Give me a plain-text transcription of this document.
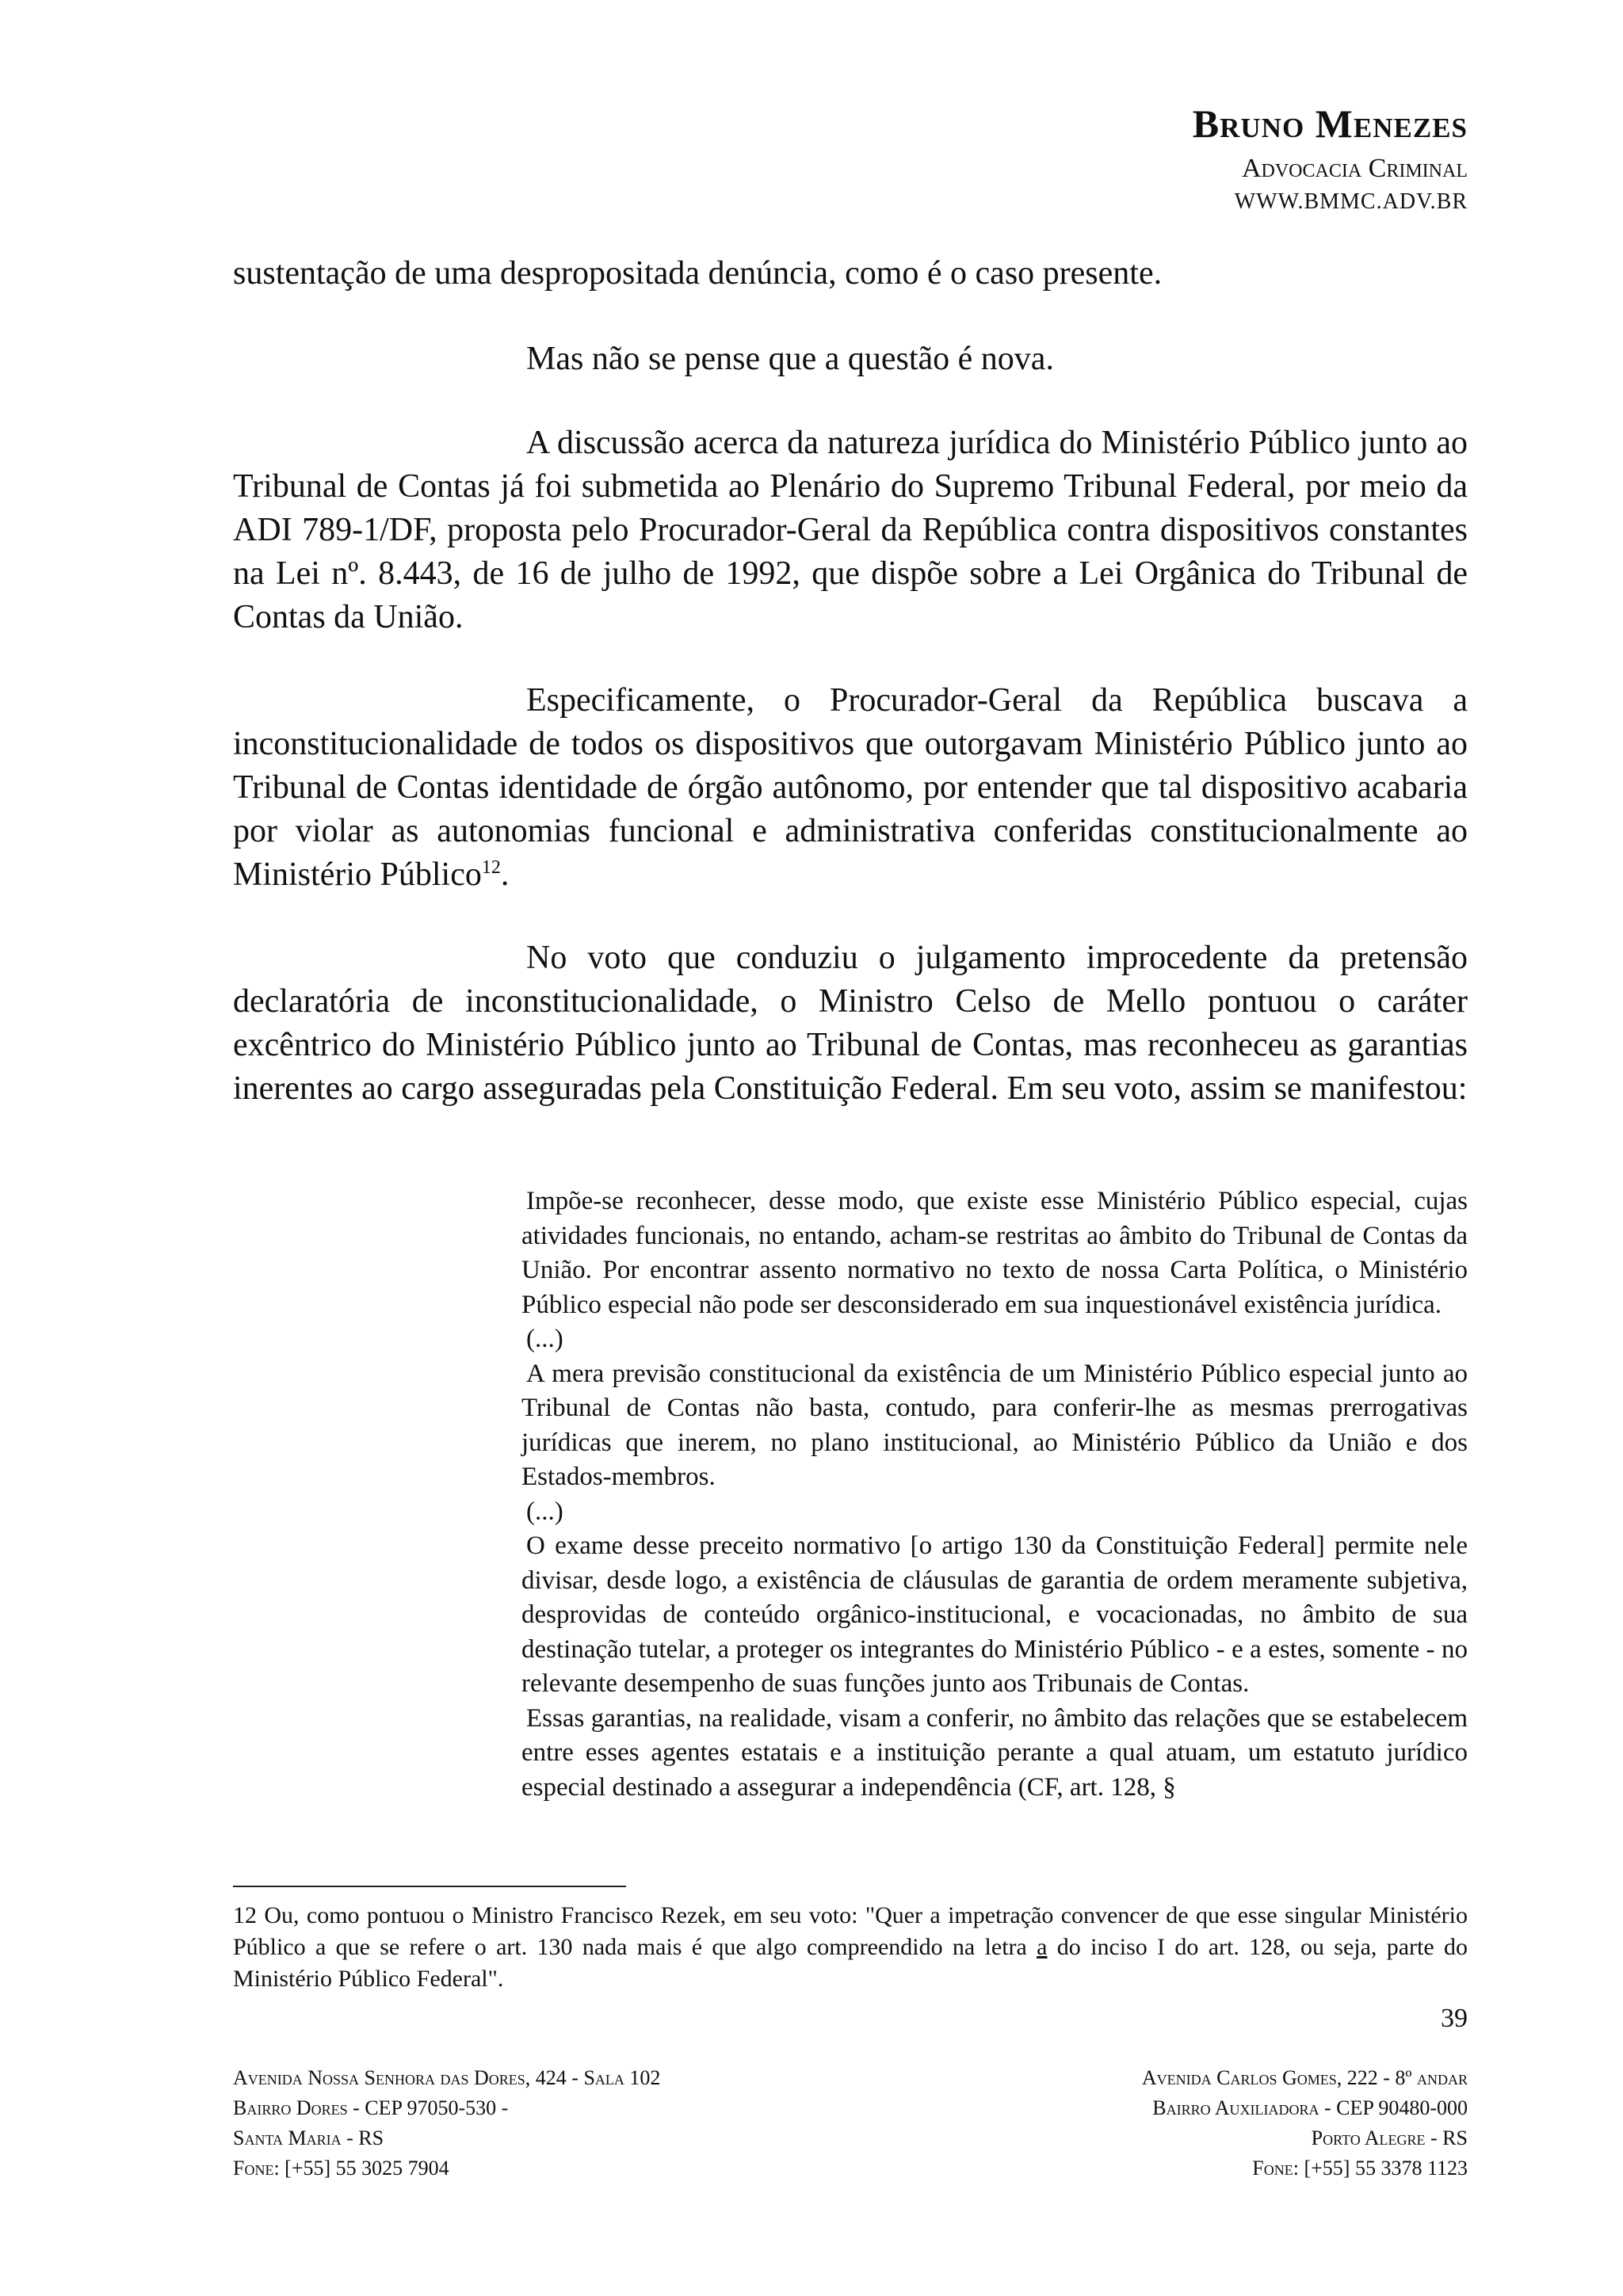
Bruno Menezes
Advocacia Criminal
WWW.BMMC.ADV.BR

sustentação de uma despropositada denúncia, como é o caso presente.

Mas não se pense que a questão é nova.

A discussão acerca da natureza jurídica do Ministério Público junto ao Tribunal de Contas já foi submetida ao Plenário do Supremo Tribunal Federal, por meio da ADI 789-1/DF, proposta pelo Procurador-Geral da República contra dispositivos constantes na Lei nº. 8.443, de 16 de julho de 1992, que dispõe sobre a Lei Orgânica do Tribunal de Contas da União.

Especificamente, o Procurador-Geral da República buscava a inconstitucionalidade de todos os dispositivos que outorgavam Ministério Público junto ao Tribunal de Contas identidade de órgão autônomo, por entender que tal dispositivo acabaria por violar as autonomias funcional e administrativa conferidas constitucionalmente ao Ministério Público$^{12}$.

No voto que conduziu o julgamento improcedente da pretensão declaratória de inconstitucionalidade, o Ministro Celso de Mello pontuou o caráter excêntrico do Ministério Público junto ao Tribunal de Contas, mas reconheceu as garantias inerentes ao cargo asseguradas pela Constituição Federal. Em seu voto, assim se manifestou:

Impõe-se reconhecer, desse modo, que existe esse Ministério Público especial, cujas atividades funcionais, no entando, acham-se restritas ao âmbito do Tribunal de Contas da União. Por encontrar assento normativo no texto de nossa Carta Política, o Ministério Público especial não pode ser desconsiderado em sua inquestionável existência jurídica.

(...)

A mera previsão constitucional da existência de um Ministério Público especial junto ao Tribunal de Contas não basta, contudo, para conferir-lhe as mesmas prerrogativas jurídicas que inerem, no plano institucional, ao Ministério Público da União e dos Estados-membros.

(...)

O exame desse preceito normativo [o artigo 130 da Constituição Federal] permite nele divisar, desde logo, a existência de cláusulas de garantia de ordem meramente subjetiva, desprovidas de conteúdo orgânico-institucional, e vocacionadas, no âmbito de sua destinação tutelar, a proteger os integrantes do Ministério Público - e a estes, somente - no relevante desempenho de suas funções junto aos Tribunais de Contas.

Essas garantias, na realidade, visam a conferir, no âmbito das relações que se estabelecem entre esses agentes estatais e a instituição perante a qual atuam, um estatuto jurídico especial destinado a assegurar a independência (CF, art. 128, §

12 Ou, como pontuou o Ministro Francisco Rezek, em seu voto: "Quer a impetração convencer de que esse singular Ministério Público a que se refere o art. 130 nada mais é que algo compreendido na letra a do inciso I do art. 128, ou seja, parte do Ministério Público Federal".
39
Avenida Nossa Senhora das Dores, 424 - Sala 102
Bairro Dores - CEP 97050-530 -
Santa Maria - RS
Fone: [+55] 55 3025 7904
Avenida Carlos Gomes, 222 - 8º andar
Bairro Auxiliadora - CEP 90480-000
Porto Alegre - RS
Fone: [+55] 55 3378 1123
